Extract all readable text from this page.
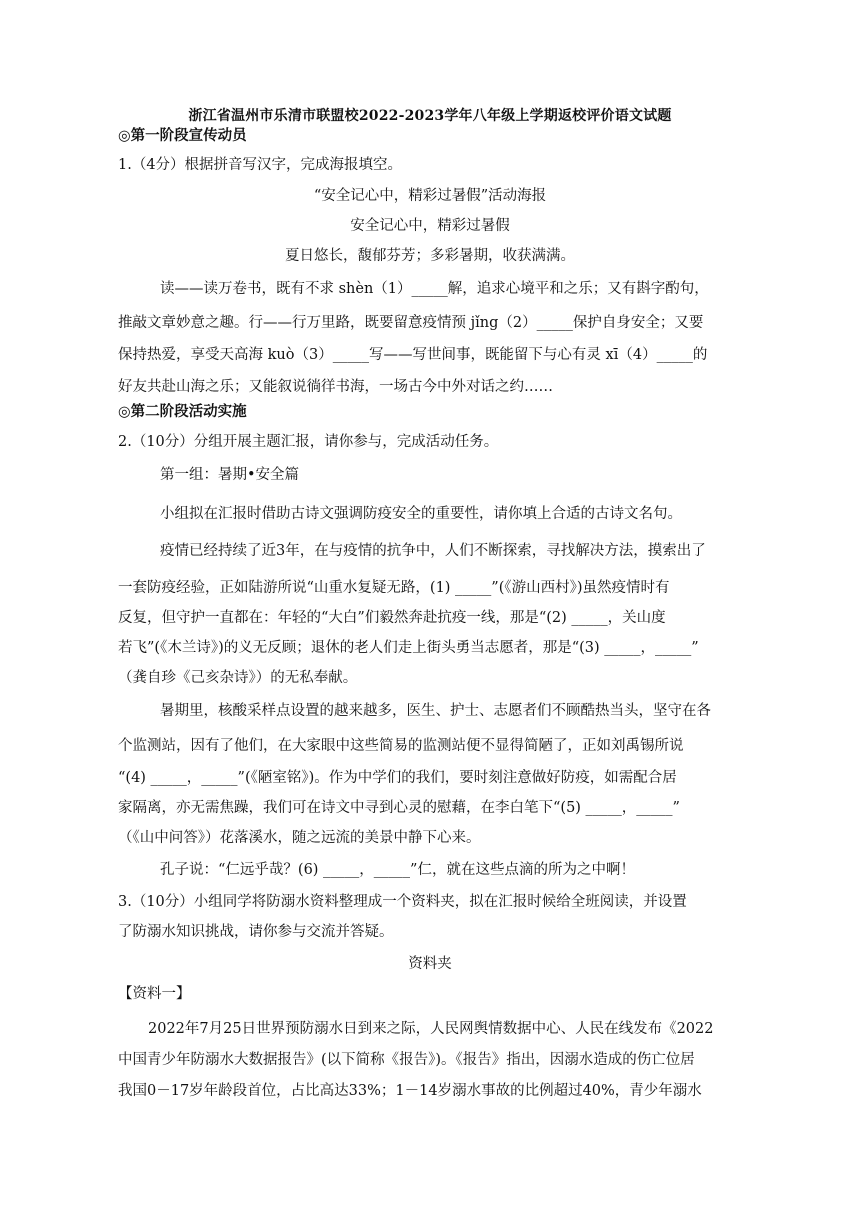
浙江省温州市乐清市联盟校2022-2023学年八年级上学期返校评价语文试题
◎第一阶段宣传动员
1.（4分）根据拼音写汉字，完成海报填空。
“安全记心中，精彩过暑假”活动海报
安全记心中，精彩过暑假
夏日悠长，馥郁芬芳；多彩暑期，收获满满。
读——读万卷书，既有不求 shèn（1）_____解，追求心境平和之乐；又有斟字酌句，
推敲文章妙意之趣。行——行万里路，既要留意疫情预 jǐng（2）_____保护自身安全；又要
保持热爱，享受天高海 kuò（3）_____写——写世间事，既能留下与心有灵 xī（4）_____的
好友共赴山海之乐；又能叙说徜徉书海，一场古今中外对话之约……
◎第二阶段活动实施
2.（10分）分组开展主题汇报，请你参与，完成活动任务。
第一组：暑期•安全篇
小组拟在汇报时借助古诗文强调防疫安全的重要性，请你填上合适的古诗文名句。
疫情已经持续了近3年，在与疫情的抗争中，人们不断探索，寻找解决方法，摸索出了
一套防疫经验，正如陆游所说“山重水复疑无路，(1) _____”(《游山西村》)虽然疫情时有
反复，但守护一直都在：年轻的“大白”们毅然奔赴抗疫一线，那是“(2) _____，关山度
若飞”(《木兰诗》)的义无反顾；退休的老人们走上街头勇当志愿者，那是“(3) _____，_____”
（龚自珍《己亥杂诗》）的无私奉献。
暑期里，核酸采样点设置的越来越多，医生、护士、志愿者们不顾酷热当头，坚守在各
个监测站，因有了他们，在大家眼中这些简易的监测站便不显得简陋了，正如刘禹锡所说
“(4) _____，_____”(《陋室铭》)。作为中学们的我们，要时刻注意做好防疫，如需配合居
家隔离，亦无需焦躁，我们可在诗文中寻到心灵的慰藉，在李白笔下“(5) _____，_____”
（《山中问答》）花落溪水，随之远流的美景中静下心来。
孔子说：“仁远乎哉？(6) _____，_____”仁，就在这些点滴的所为之中啊！
3.（10分）小组同学将防溺水资料整理成一个资料夹，拟在汇报时候给全班阅读，并设置
了防溺水知识挑战，请你参与交流并答疑。
资料夹
【资料一】
2022年7月25日世界预防溺水日到来之际，人民网舆情数据中心、人民在线发布《2022
中国青少年防溺水大数据报告》(以下简称《报告》)。《报告》指出，因溺水造成的伤亡位居
我国0－17岁年龄段首位，占比高达33%；1－14岁溺水事故的比例超过40%，青少年溺水
